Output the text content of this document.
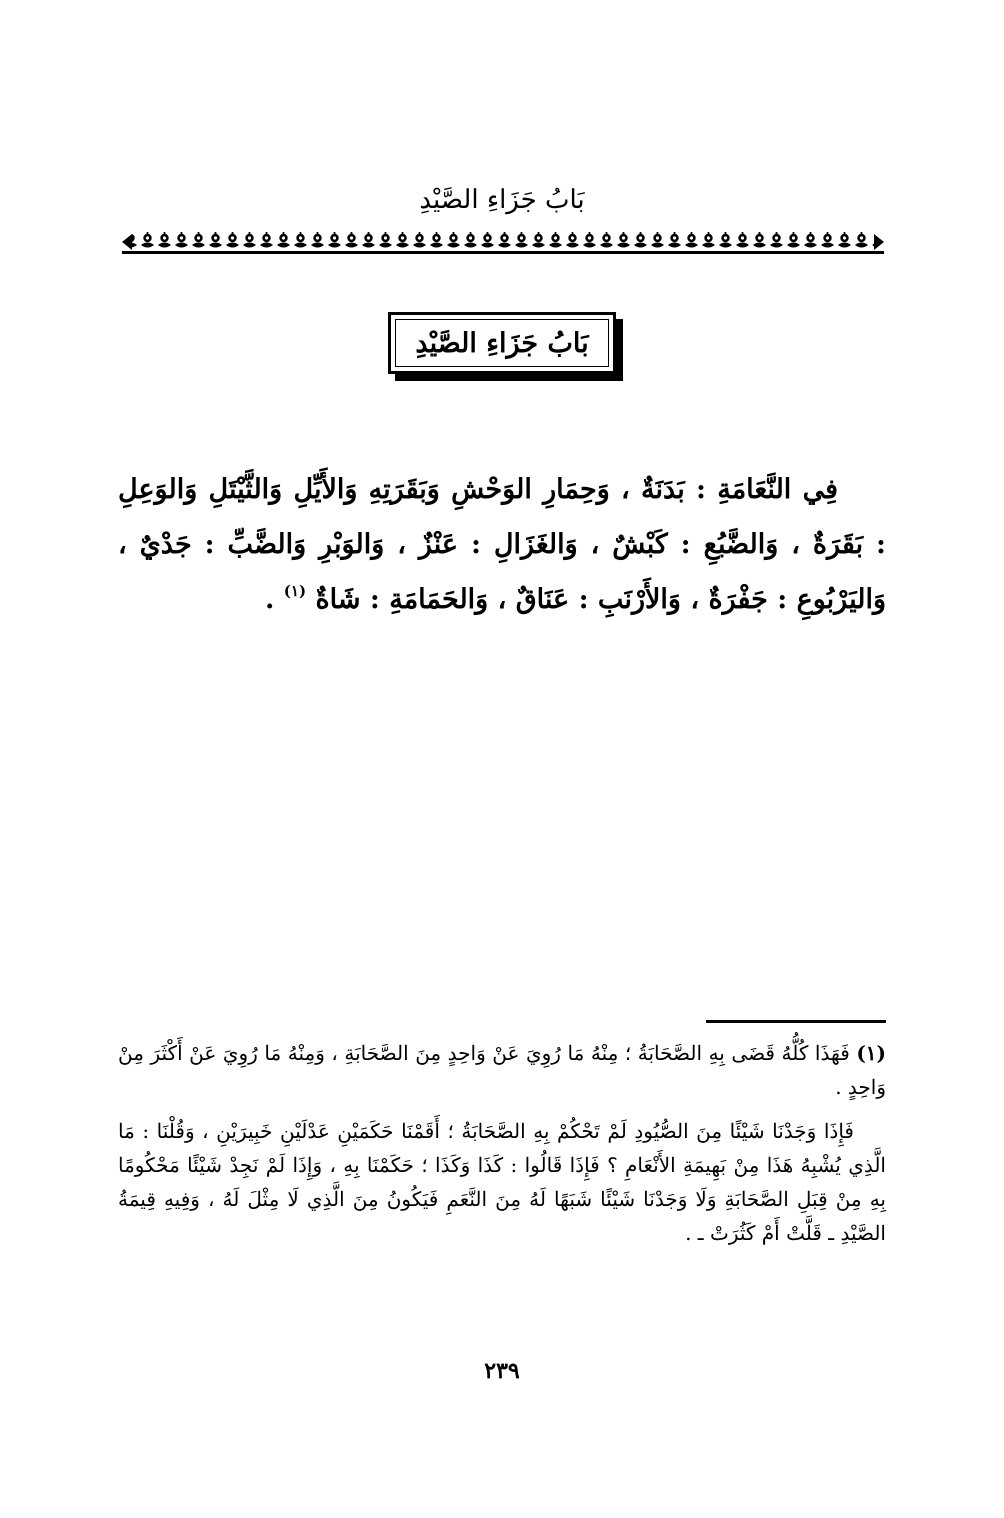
بَابُ جَزَاءِ الصَّيْدِ
بَابُ جَزَاءِ الصَّيْدِ

فِي النَّعَامَةِ : بَدَنَةٌ ، وَحِمَارِ الوَحْشِ وَبَقَرَتِهِ وَالأَيِّلِ وَالثَّيْتَلِ وَالوَعِلِ : بَقَرَةٌ ، وَالضَّبُعِ : كَبْشٌ ، وَالغَزَالِ : عَنْزٌ ، وَالوَبْرِ وَالضَّبِّ : جَدْيٌ ، وَاليَرْبُوعِ : جَفْرَةٌ ، وَالأَرْنَبِ : عَنَاقٌ ، وَالحَمَامَةِ : شَاةٌ $^{(١)}$ .

(١) فَهَذَا كُلُّهُ قَضَى بِهِ الصَّحَابَةُ ؛ مِنْهُ مَا رُوِيَ عَنْ وَاحِدٍ مِنَ الصَّحَابَةِ ، وَمِنْهُ مَا رُوِيَ عَنْ أَكْثَرَ مِنْ وَاحِدٍ .

فَإِذَا وَجَدْنَا شَيْئًا مِنَ الصُّيُودِ لَمْ تَحْكُمْ بِهِ الصَّحَابَةُ ؛ أَقَمْنَا حَكَمَيْنِ عَدْلَيْنِ خَبِيرَيْنِ ، وَقُلْنَا : مَا الَّذِي يُشْبِهُ هَذَا مِنْ بَهِيمَةِ الأَنْعَامِ ؟ فَإِذَا قَالُوا : كَذَا وَكَذَا ؛ حَكَمْنَا بِهِ ، وَإِذَا لَمْ نَجِدْ شَيْئًا مَحْكُومًا بِهِ مِنْ قِبَلِ الصَّحَابَةِ وَلَا وَجَدْنَا شَيْئًا شَبَهًا لَهُ مِنَ النَّعَمِ فَيَكُونُ مِنَ الَّذِي لَا مِثْلَ لَهُ ، وَفِيهِ قِيمَةُ الصَّيْدِ ـ قَلَّتْ أَمْ كَثُرَتْ ـ .

٢٣٩
